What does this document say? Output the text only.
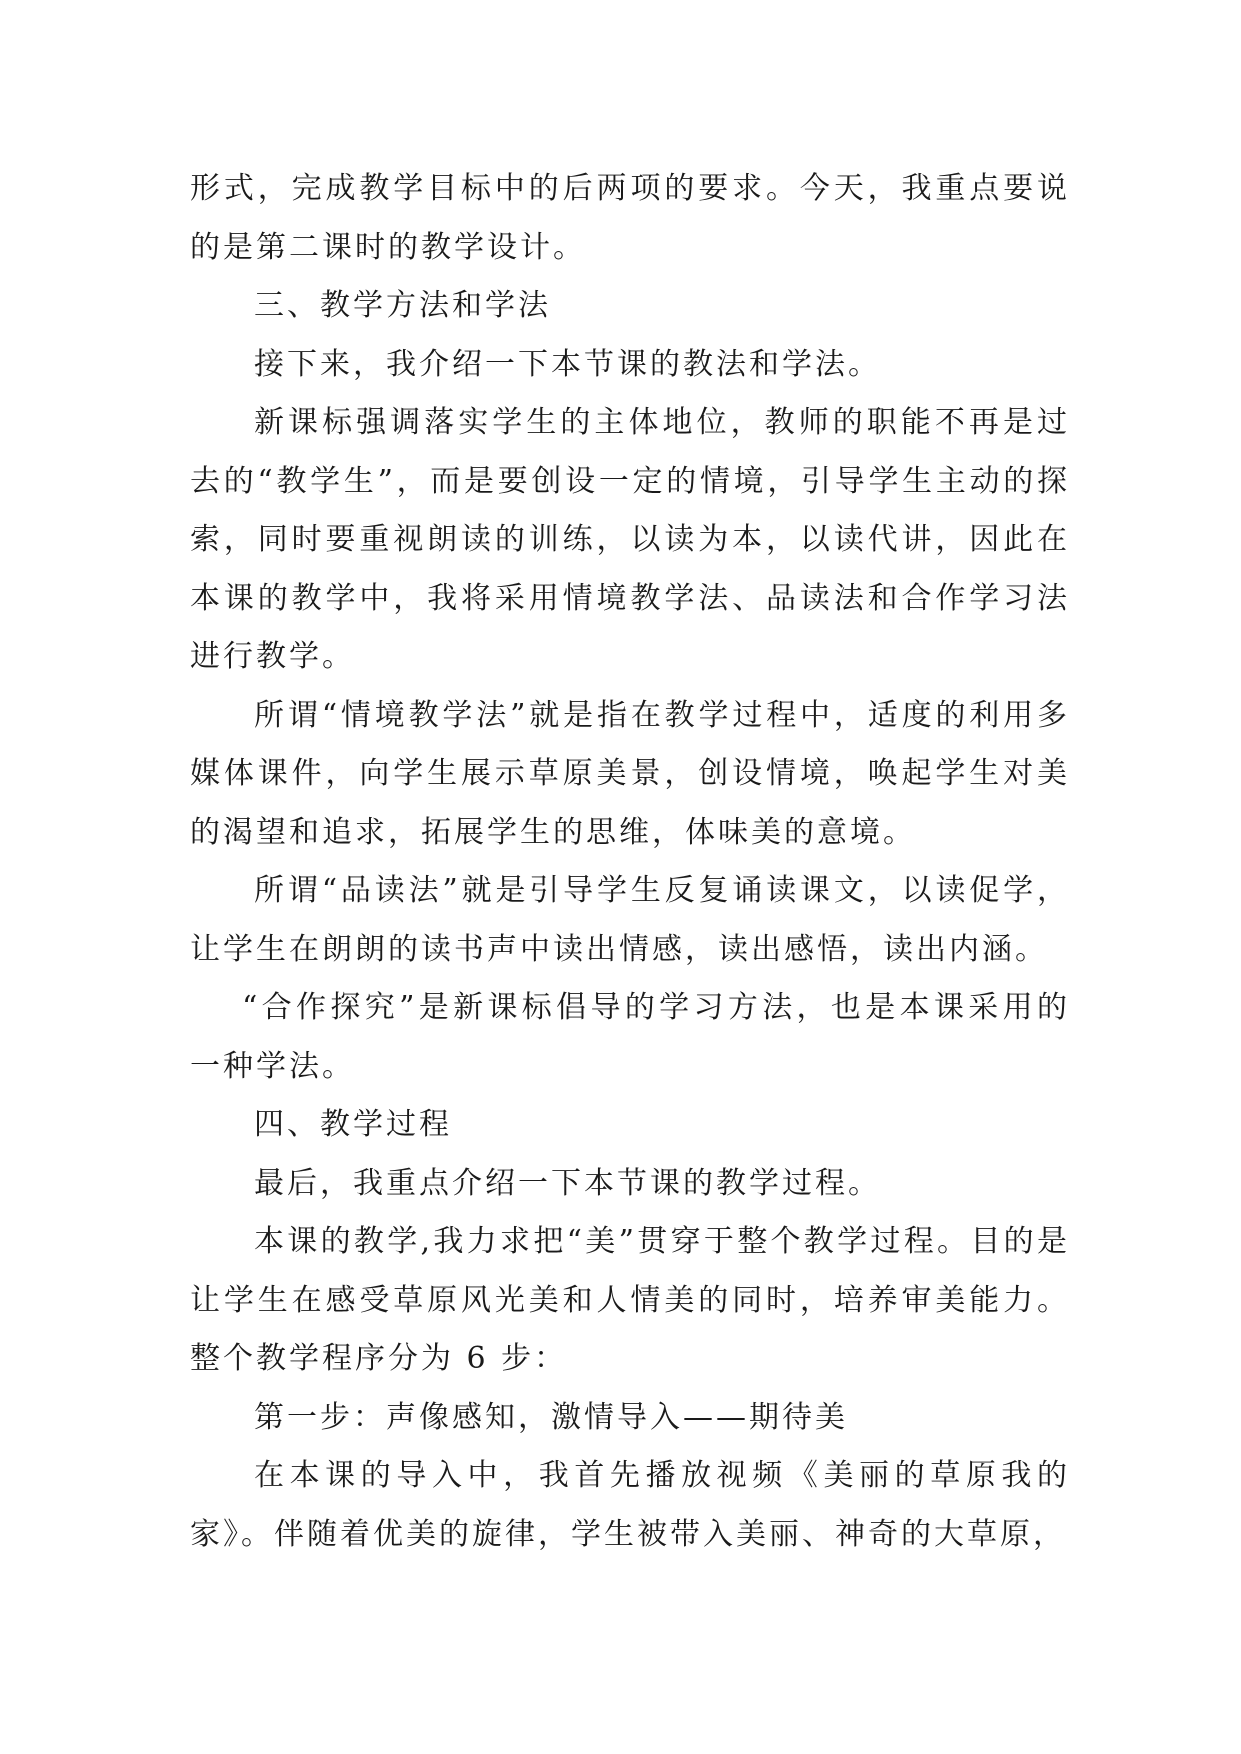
形式，完成教学目标中的后两项的要求。今天，我重点要说的是第二课时的教学设计。

三、教学方法和学法

接下来，我介绍一下本节课的教法和学法。

新课标强调落实学生的主体地位，教师的职能不再是过去的“教学生”，而是要创设一定的情境，引导学生主动的探索，同时要重视朗读的训练，以读为本，以读代讲，因此在本课的教学中，我将采用情境教学法、品读法和合作学习法进行教学。

所谓“情境教学法”就是指在教学过程中，适度的利用多媒体课件，向学生展示草原美景，创设情境，唤起学生对美的渴望和追求，拓展学生的思维，体味美的意境。

所谓“品读法”就是引导学生反复诵读课文，以读促学，让学生在朗朗的读书声中读出情感，读出感悟，读出内涵。

“合作探究”是新课标倡导的学习方法，也是本课采用的一种学法。

四、教学过程

最后，我重点介绍一下本节课的教学过程。

本课的教学,我力求把“美”贯穿于整个教学过程。目的是让学生在感受草原风光美和人情美的同时，培养审美能力。整个教学程序分为 6 步：

第一步：声像感知，激情导入——期待美

在本课的导入中，我首先播放视频《美丽的草原我的家》。伴随着优美的旋律，学生被带入美丽、神奇的大草原，
